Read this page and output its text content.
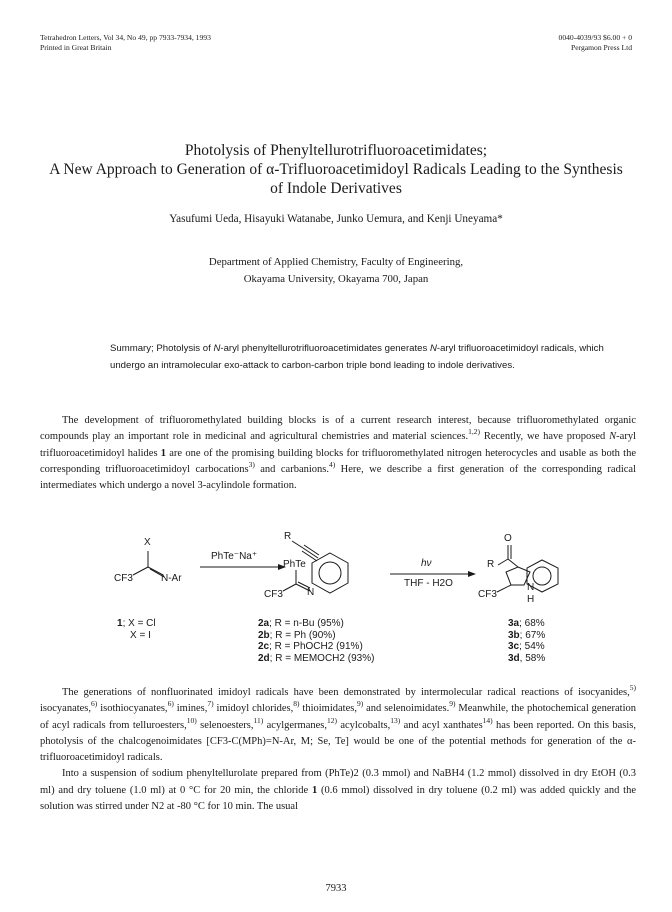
Tetrahedron Letters, Vol 34, No 49, pp 7933-7934, 1993
Printed in Great Britain
0040-4039/93 $6.00 + 0
Pergamon Press Ltd
Photolysis of Phenyltellurotrifluoroacetimidates;
A New Approach to Generation of α-Trifluoroacetimidoyl Radicals Leading to the Synthesis
of Indole Derivatives
Yasufumi Ueda, Hisayuki Watanabe, Junko Uemura, and Kenji Uneyama*
Department of Applied Chemistry, Faculty of Engineering,
Okayama University, Okayama 700, Japan
Summary; Photolysis of N-aryl phenyltellurotrifluoroacetimidates generates N-aryl trifluoroacetimidoyl radicals, which undergo an intramolecular exo-attack to carbon-carbon triple bond leading to indole derivatives.

The development of trifluoromethylated building blocks is of a current research interest, because trifluoromethylated organic compounds play an important role in medicinal and agricultural chemistries and material sciences.$^{1,2)}$ Recently, we have proposed N-aryl trifluoroacetimidoyl halides 1 are one of the promising building blocks for trifluoromethylated nitrogen heterocycles and usable as both the corresponding trifluoroacetimidoyl carbocations$^{3)}$ and carbanions.$^{4)}$ Here, we describe a first generation of the corresponding radical intermediates which undergo a novel 3-acylindole formation.

X
CF3	N-Ar
PhTe⁻Na⁺
R
PhTe
CF3 N
hν
THF - H2O
O
R
CF3
N
H
1; X = Cl
X = I
2a; R = n-Bu (95%)
2b; R = Ph (90%)
2c; R = PhOCH2 (91%)
2d; R = MEMOCH2 (93%)
3a; 68%
3b; 67%
3c; 54%
3d, 58%

The generations of nonfluorinated imidoyl radicals have been demonstrated by intermolecular radical reactions of isocyanides,$^{5)}$ isocyanates,$^{6)}$ isothiocyanates,$^{6)}$ imines,$^{7)}$ imidoyl chlorides,$^{8)}$ thioimidates,$^{9)}$ and selenoimidates.$^{9)}$ Meanwhile, the photochemical generation of acyl radicals from telluroesters,$^{10)}$ selenoesters,$^{11)}$ acylgermanes,$^{12)}$ acylcobalts,$^{13)}$ and acyl xanthates$^{14)}$ has been reported. On this basis, photolysis of the chalcogenoimidates [CF3-C(MPh)=N-Ar, M; Se, Te] would be one of the potential methods for generation of the α-trifluoroacetimidoyl radicals.

Into a suspension of sodium phenyltellurolate prepared from (PhTe)2 (0.3 mmol) and NaBH4 (1.2 mmol) dissolved in dry EtOH (0.3 ml) and dry toluene (1.0 ml) at 0 °C for 20 min, the chloride 1 (0.6 mmol) dissolved in dry toluene (0.2 ml) was added quickly and the solution was stirred under N2 at -80 °C for 10 min. The usual

7933
